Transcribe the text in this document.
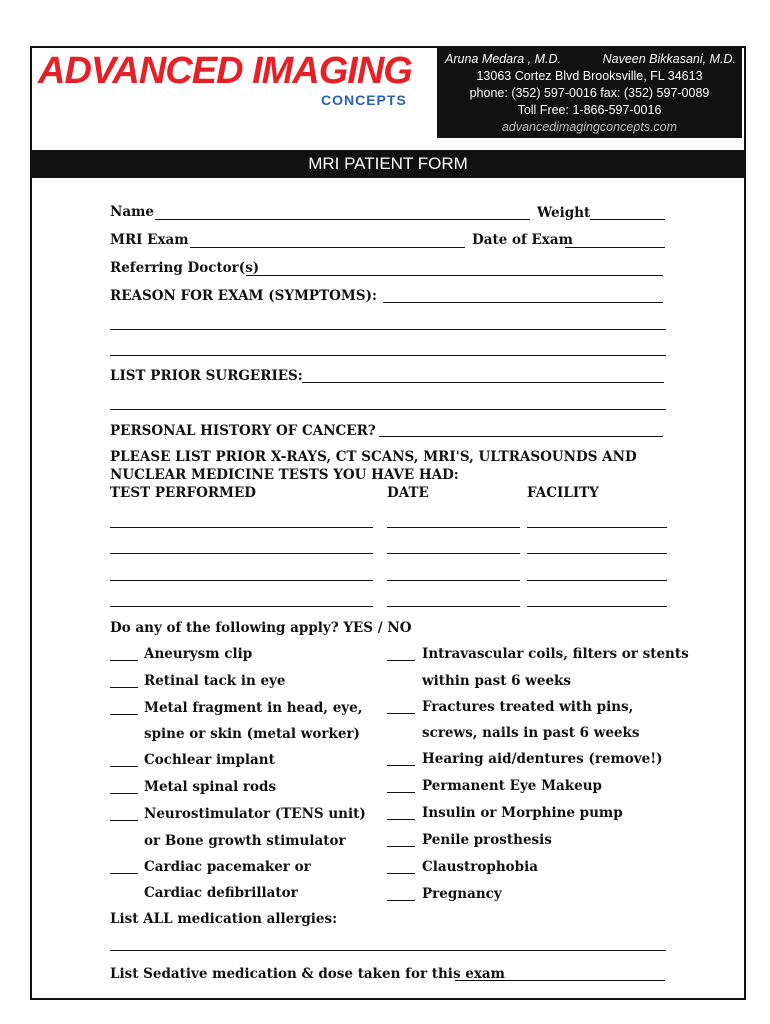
ADVANCED IMAGING
CONCEPTS
Aruna Medara , M.D.	Naveen Bikkasani, M.D.
13063 Cortez Blvd Brooksville, FL 34613
phone: (352) 597-0016 fax: (352) 597-0089
Toll Free: 1-866-597-0016
advancedimagingconcepts.com
MRI PATIENT FORM
Name	Weight
MRI Exam	Date of Exam
Referring Doctor(s)
REASON FOR EXAM (SYMPTOMS):
LIST PRIOR SURGERIES:
PERSONAL HISTORY OF CANCER?
PLEASE LIST PRIOR X-RAYS, CT SCANS, MRI'S, ULTRASOUNDS AND
NUCLEAR MEDICINE TESTS YOU HAVE HAD:
TEST PERFORMED	DATE	FACILITY
Do any of the following apply? YES / NO
Aneurysm clip
Retinal tack in eye
Metal fragment in head, eye,
spine or skin (metal worker)
Cochlear implant
Metal spinal rods
Neurostimulator (TENS unit)
or Bone growth stimulator
Cardiac pacemaker or
Cardiac defibrillator
Intravascular coils, filters or stents
within past 6 weeks
Fractures treated with pins,
screws, nails in past 6 weeks
Hearing aid/dentures (remove!)
Permanent Eye Makeup
Insulin or Morphine pump
Penile prosthesis
Claustrophobia
Pregnancy
List ALL medication allergies:
List Sedative medication & dose taken for this exam
